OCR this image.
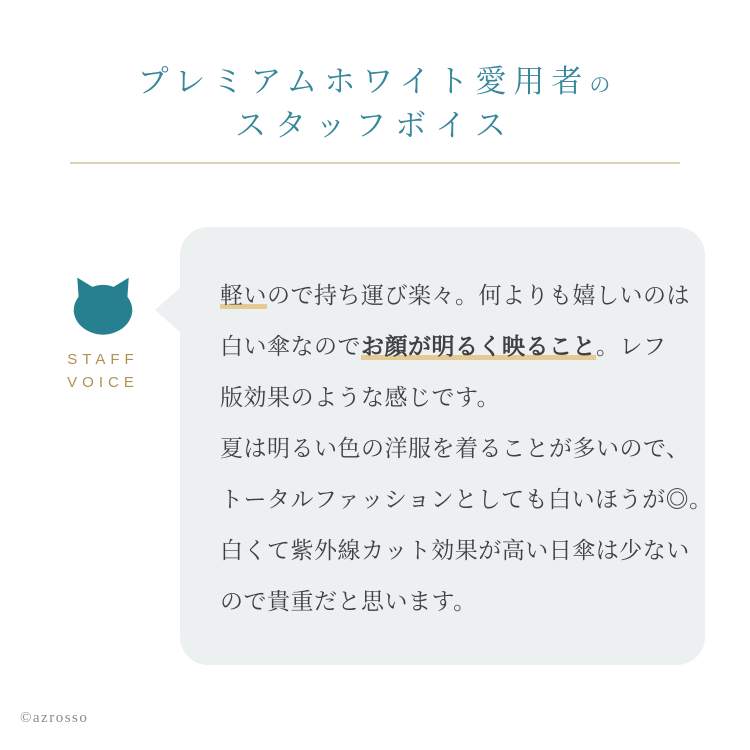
プレミアムホワイト愛用者の
スタッフボイス
STAFF
VOICE
軽いので持ち運び楽々。何よりも嬉しいのは
白い傘なのでお顔が明るく映ること。レフ
版効果のような感じです。
夏は明るい色の洋服を着ることが多いので、
トータルファッションとしても白いほうが◎。
白くて紫外線カット効果が高い日傘は少ない
ので貴重だと思います。
©azrosso
